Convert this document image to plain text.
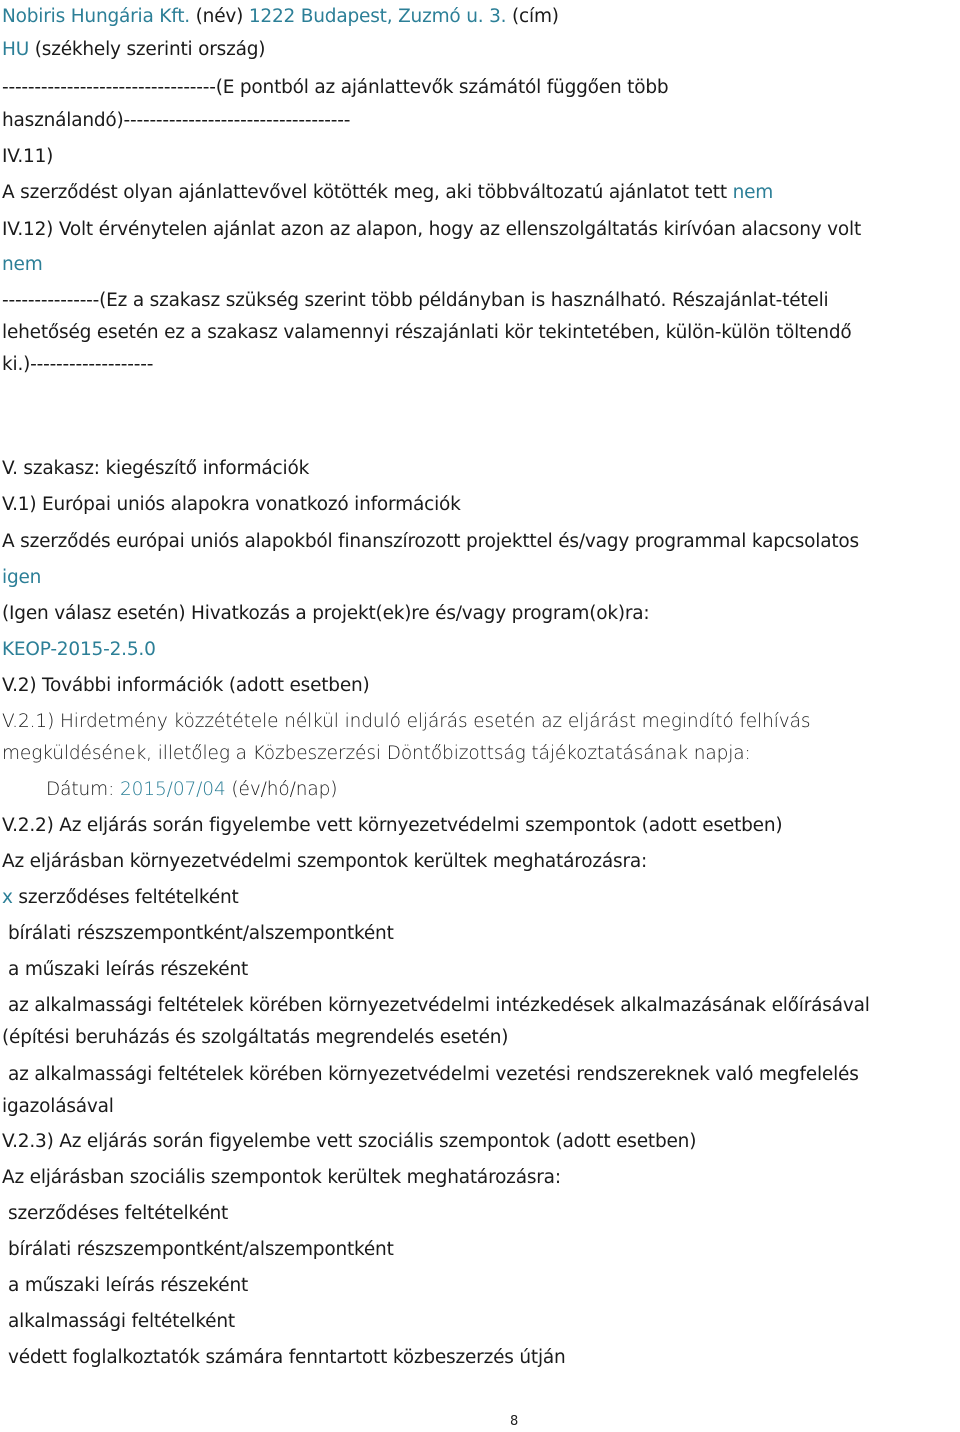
Nobiris Hungária Kft. (név) 1222 Budapest, Zuzmó u. 3. (cím)
HU (székhely szerinti ország)
---------------------------------(E pontból az ajánlattevők számától függően több
használandó)-----------------------------------
IV.11)
A szerződést olyan ajánlattevővel kötötték meg, aki többváltozatú ajánlatot tett nem
IV.12) Volt érvénytelen ajánlat azon az alapon, hogy az ellenszolgáltatás kirívóan alacsony volt
nem
---------------(Ez a szakasz szükség szerint több példányban is használható. Részajánlat-tételi
lehetőség esetén ez a szakasz valamennyi részajánlati kör tekintetében, külön-külön töltendő
ki.)-------------------
V. szakasz: kiegészítő információk
V.1) Európai uniós alapokra vonatkozó információk
A szerződés európai uniós alapokból finanszírozott projekttel és/vagy programmal kapcsolatos
igen
(Igen válasz esetén) Hivatkozás a projekt(ek)re és/vagy program(ok)ra:
KEOP-2015-2.5.0
V.2) További információk (adott esetben)
V.2.1) Hirdetmény közzététele nélkül induló eljárás esetén az eljárást megindító felhívás
megküldésének, illetőleg a Közbeszerzési Döntőbizottság tájékoztatásának napja:
Dátum: 2015/07/04 (év/hó/nap)
V.2.2) Az eljárás során figyelembe vett környezetvédelmi szempontok (adott esetben)
Az eljárásban környezetvédelmi szempontok kerültek meghatározásra:
x szerződéses feltételként
bírálati részszempontként/alszempontként
a műszaki leírás részeként
az alkalmassági feltételek körében környezetvédelmi intézkedések alkalmazásának előírásával
(építési beruházás és szolgáltatás megrendelés esetén)
az alkalmassági feltételek körében környezetvédelmi vezetési rendszereknek való megfelelés
igazolásával
V.2.3) Az eljárás során figyelembe vett szociális szempontok (adott esetben)
Az eljárásban szociális szempontok kerültek meghatározásra:
szerződéses feltételként
bírálati részszempontként/alszempontként
a műszaki leírás részeként
alkalmassági feltételként
védett foglalkoztatók számára fenntartott közbeszerzés útján
8
